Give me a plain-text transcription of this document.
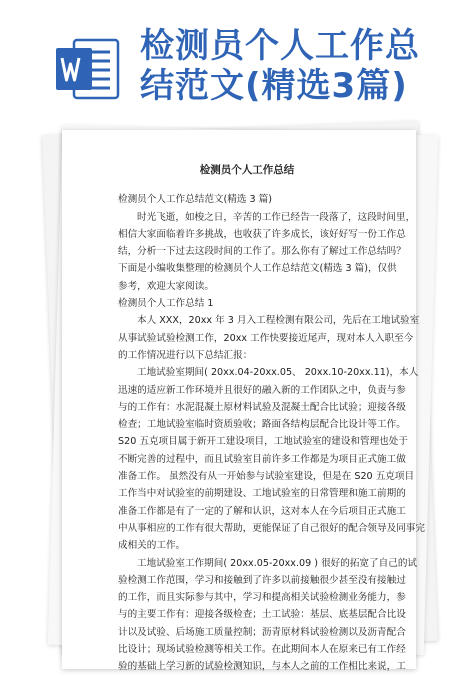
检测员个人工作总
结范文(精选3篇)
检测员个人工作总结
检测员个人工作总结范文(精选 3 篇)
时光飞逝，如梭之日，辛苦的工作已经告一段落了，这段时间里，
相信大家面临着许多挑战，也收获了许多成长，该好好写一份工作总
结，分析一下过去这段时间的工作了。那么你有了解过工作总结吗？
下面是小编收集整理的检测员个人工作总结范文(精选 3 篇)，仅供
参考，欢迎大家阅读。
检测员个人工作总结 1
本人 XXX，20xx 年 3 月入工程检测有限公司，先后在工地试验室
从事试验试验检测工作，20xx 工作快要接近尾声，现对本人入职至今
的工作情况进行以下总结汇报：
工地试验室期间( 20xx.04-20xx.05、 20xx.10-20xx.11)，本人
迅速的适应新工作环境并且很好的融入新的工作团队之中，负责与参
与的工作有：水泥混凝土原材料试验及混凝土配合比试验；迎接各级
检查；工地试验室临时资质验收；路面各结构层配合比设计等工作。
S20 五克项目属于新开工建设项目，工地试验室的建设和管理也处于
不断完善的过程中，而且试验室目前许多工作都是为项目正式施工做
准备工作。 虽然没有从一开始参与试验室建设，但是在 S20 五克项目
工作当中对试验室的前期建设、工地试验室的日常管理和施工前期的
准备工作都是有了一定的了解和认识，这对本人在今后项目正式施工
中从事相应的工作有很大帮助，更能保证了自己很好的配合领导及同事完
成相关的工作。
工地试验室工作期间( 20xx.05-20xx.09 ) 很好的拓宽了自己的试
验检测工作范围，学习和接触到了许多以前接触很少甚至没有接触过
的工作，而且实际参与其中，学习和提高相关试验检测业务能力，参
与的主要工作有：迎接各级检查；土工试验：基层、底基层配合比设
计以及试验、后场施工质量控制；沥青原材料试验检测以及沥青配合
比设计；现场试验检测等相关工作。在此期间本人在原来已有工作经
验的基础上学习新的试验检测知识，与本人之前的工作相比来说，工
